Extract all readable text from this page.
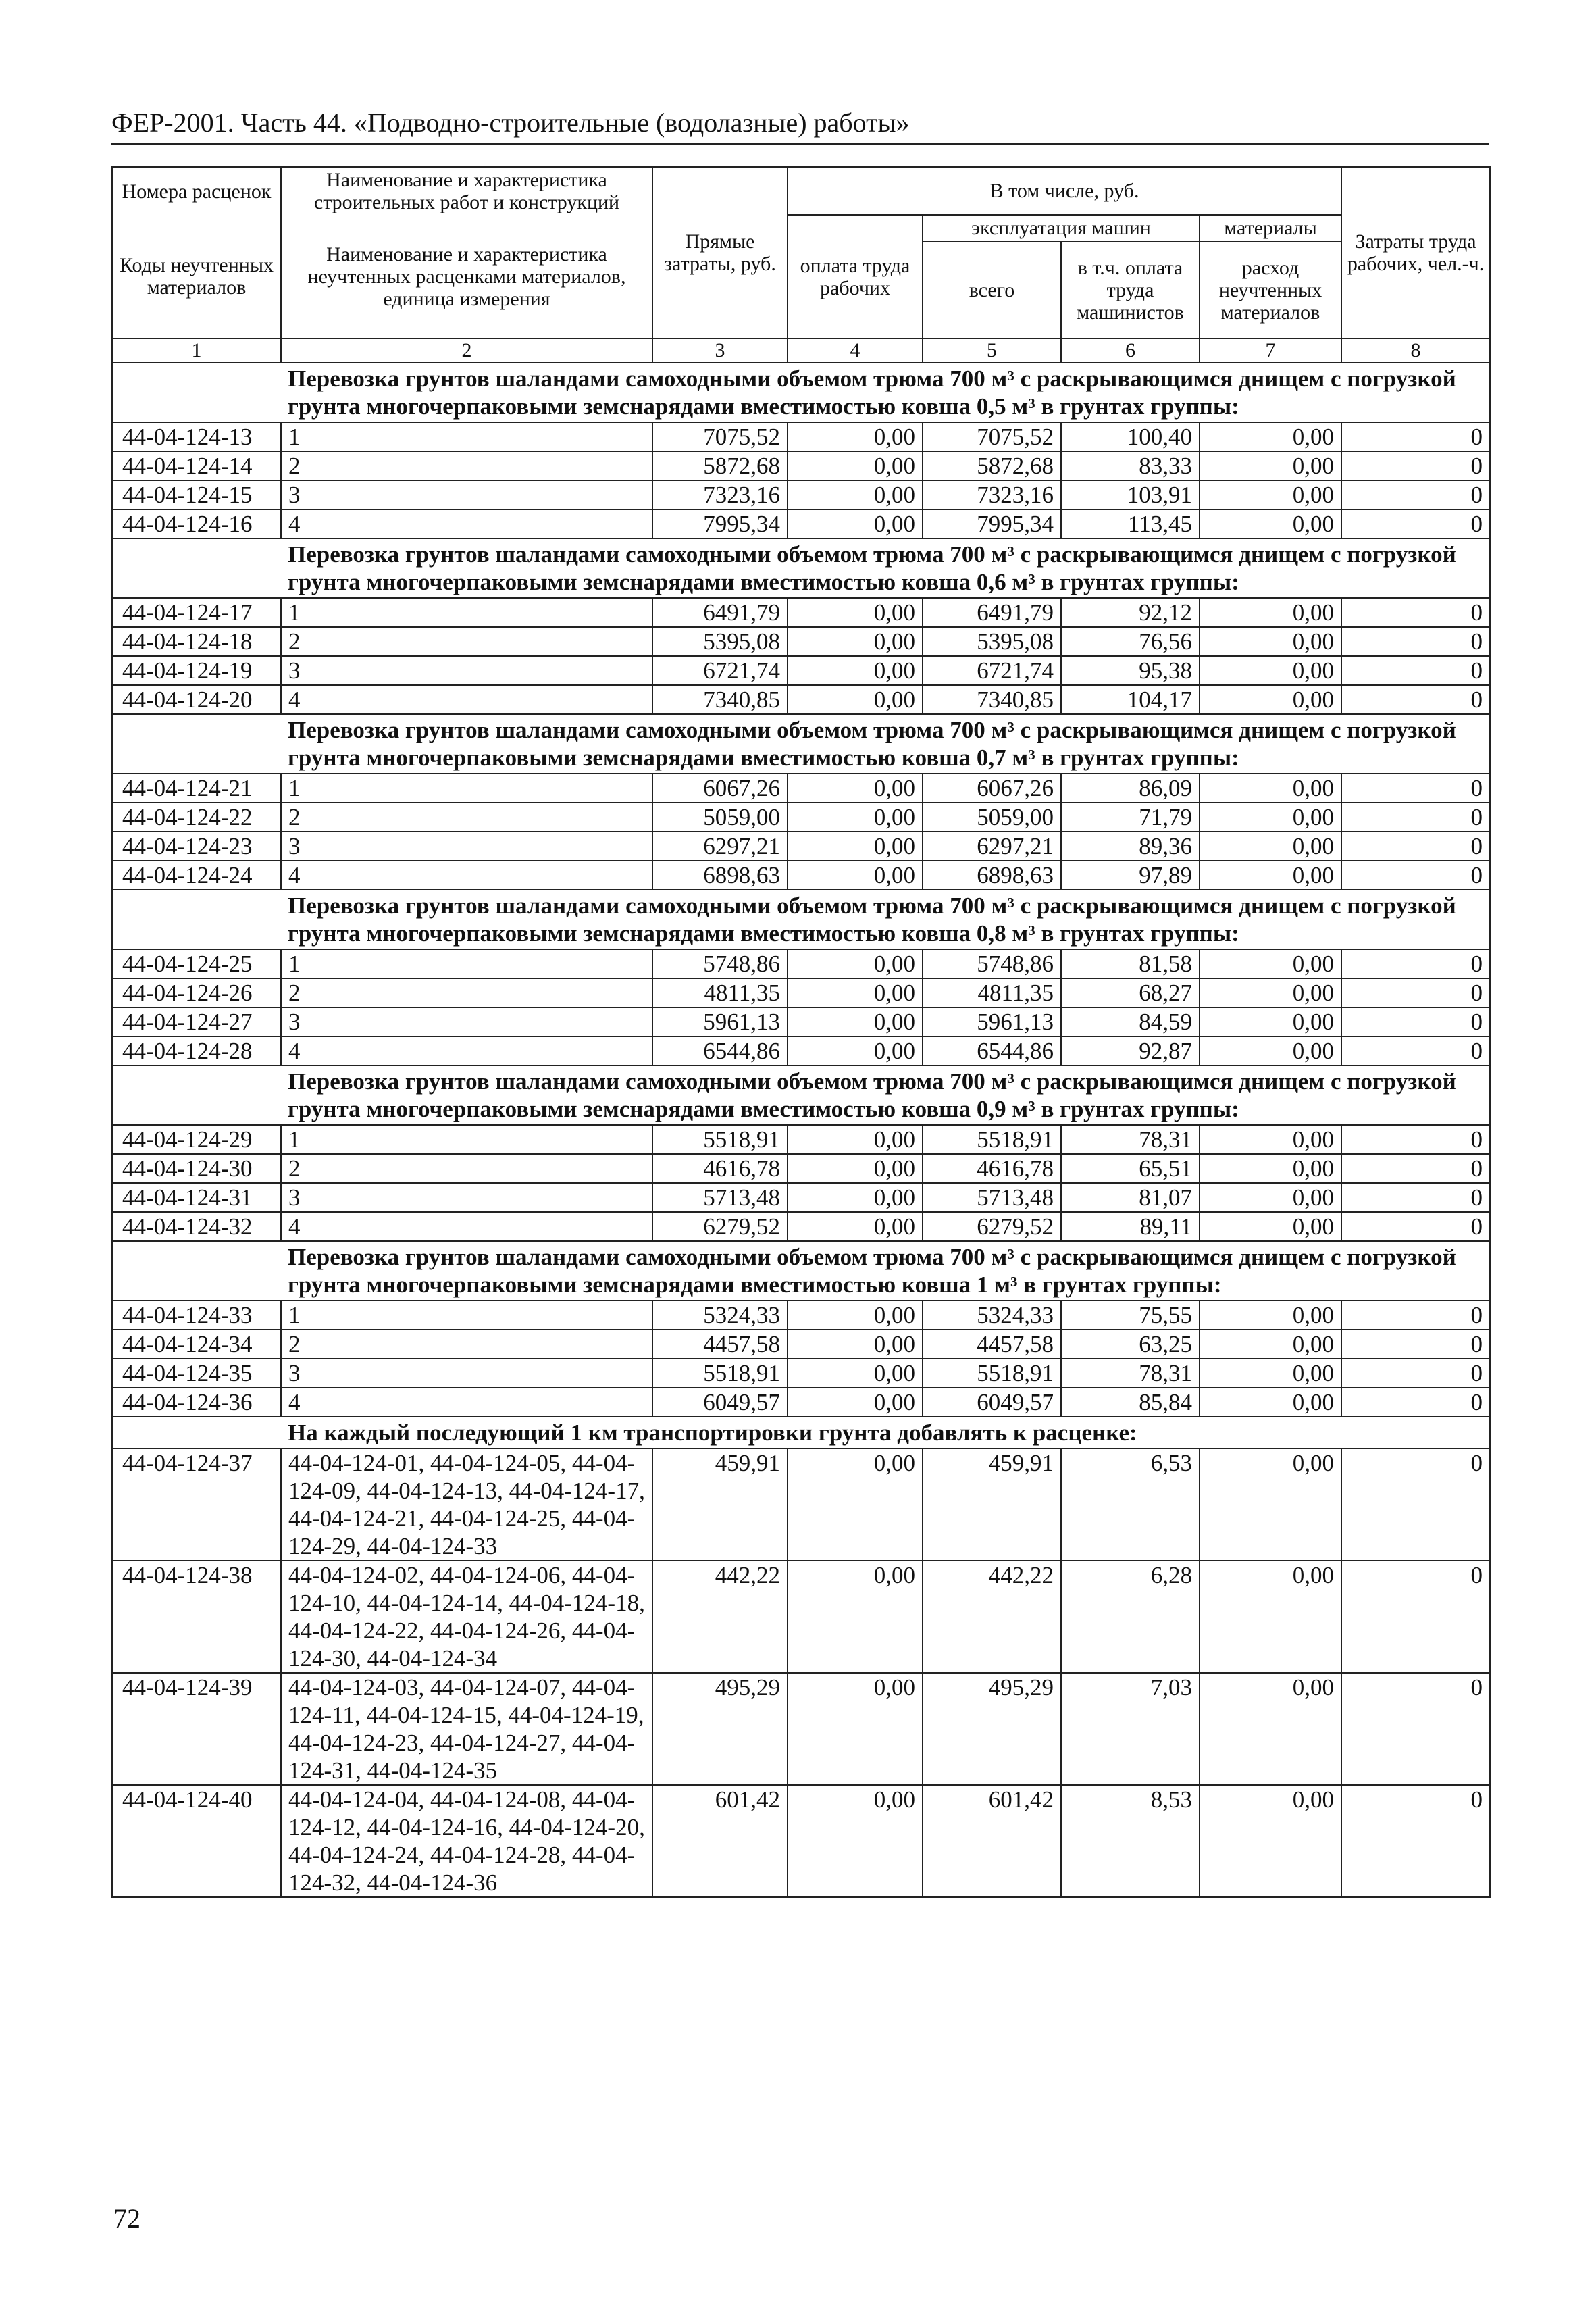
ФЕР-2001. Часть 44. «Подводно-строительные (водолазные) работы»
Номера расценок	Наименование и характеристика строительных работ и конструкций	Прямые затраты, руб.	В том числе, руб.				Затраты труда рабочих, чел.-ч.
Коды неучтенных материалов	Наименование и характеристика неучтенных расценками материалов, единица измерения		оплата труда рабочих	эксплуатация машин		материалы	
				всего	в т.ч. оплата труда машинистов	расход неучтенных материалов	
1	2	3	4	5	6	7	8
	Перевозка грунтов шаландами самоходными объемом трюма 700 м³ с раскрывающимся днищем с погрузкой грунта многочерпаковыми земснарядами вместимостью ковша 0,5 м³ в грунтах группы:						
44-04-124-13	1	7075,52	0,00	7075,52	100,40	0,00	0
44-04-124-14	2	5872,68	0,00	5872,68	83,33	0,00	0
44-04-124-15	3	7323,16	0,00	7323,16	103,91	0,00	0
44-04-124-16	4	7995,34	0,00	7995,34	113,45	0,00	0
	Перевозка грунтов шаландами самоходными объемом трюма 700 м³ с раскрывающимся днищем с погрузкой грунта многочерпаковыми земснарядами вместимостью ковша 0,6 м³ в грунтах группы:						
44-04-124-17	1	6491,79	0,00	6491,79	92,12	0,00	0
44-04-124-18	2	5395,08	0,00	5395,08	76,56	0,00	0
44-04-124-19	3	6721,74	0,00	6721,74	95,38	0,00	0
44-04-124-20	4	7340,85	0,00	7340,85	104,17	0,00	0
	Перевозка грунтов шаландами самоходными объемом трюма 700 м³ с раскрывающимся днищем с погрузкой грунта многочерпаковыми земснарядами вместимостью ковша 0,7 м³ в грунтах группы:						
44-04-124-21	1	6067,26	0,00	6067,26	86,09	0,00	0
44-04-124-22	2	5059,00	0,00	5059,00	71,79	0,00	0
44-04-124-23	3	6297,21	0,00	6297,21	89,36	0,00	0
44-04-124-24	4	6898,63	0,00	6898,63	97,89	0,00	0
	Перевозка грунтов шаландами самоходными объемом трюма 700 м³ с раскрывающимся днищем с погрузкой грунта многочерпаковыми земснарядами вместимостью ковша 0,8 м³ в грунтах группы:						
44-04-124-25	1	5748,86	0,00	5748,86	81,58	0,00	0
44-04-124-26	2	4811,35	0,00	4811,35	68,27	0,00	0
44-04-124-27	3	5961,13	0,00	5961,13	84,59	0,00	0
44-04-124-28	4	6544,86	0,00	6544,86	92,87	0,00	0
	Перевозка грунтов шаландами самоходными объемом трюма 700 м³ с раскрывающимся днищем с погрузкой грунта многочерпаковыми земснарядами вместимостью ковша 0,9 м³ в грунтах группы:						
44-04-124-29	1	5518,91	0,00	5518,91	78,31	0,00	0
44-04-124-30	2	4616,78	0,00	4616,78	65,51	0,00	0
44-04-124-31	3	5713,48	0,00	5713,48	81,07	0,00	0
44-04-124-32	4	6279,52	0,00	6279,52	89,11	0,00	0
	Перевозка грунтов шаландами самоходными объемом трюма 700 м³ с раскрывающимся днищем с погрузкой грунта многочерпаковыми земснарядами вместимостью ковша 1 м³ в грунтах группы:						
44-04-124-33	1	5324,33	0,00	5324,33	75,55	0,00	0
44-04-124-34	2	4457,58	0,00	4457,58	63,25	0,00	0
44-04-124-35	3	5518,91	0,00	5518,91	78,31	0,00	0
44-04-124-36	4	6049,57	0,00	6049,57	85,84	0,00	0
	На каждый последующий 1 км транспортировки грунта добавлять к расценке:						
44-04-124-37	44-04-124-01, 44-04-124-05, 44-04-124-09, 44-04-124-13, 44-04-124-17, 44-04-124-21, 44-04-124-25, 44-04-124-29, 44-04-124-33	459,91	0,00	459,91	6,53	0,00	0
44-04-124-38	44-04-124-02, 44-04-124-06, 44-04-124-10, 44-04-124-14, 44-04-124-18, 44-04-124-22, 44-04-124-26, 44-04-124-30, 44-04-124-34	442,22	0,00	442,22	6,28	0,00	0
44-04-124-39	44-04-124-03, 44-04-124-07, 44-04-124-11, 44-04-124-15, 44-04-124-19, 44-04-124-23, 44-04-124-27, 44-04-124-31, 44-04-124-35	495,29	0,00	495,29	7,03	0,00	0
44-04-124-40	44-04-124-04, 44-04-124-08, 44-04-124-12, 44-04-124-16, 44-04-124-20, 44-04-124-24, 44-04-124-28, 44-04-124-32, 44-04-124-36	601,42	0,00	601,42	8,53	0,00	0
72
